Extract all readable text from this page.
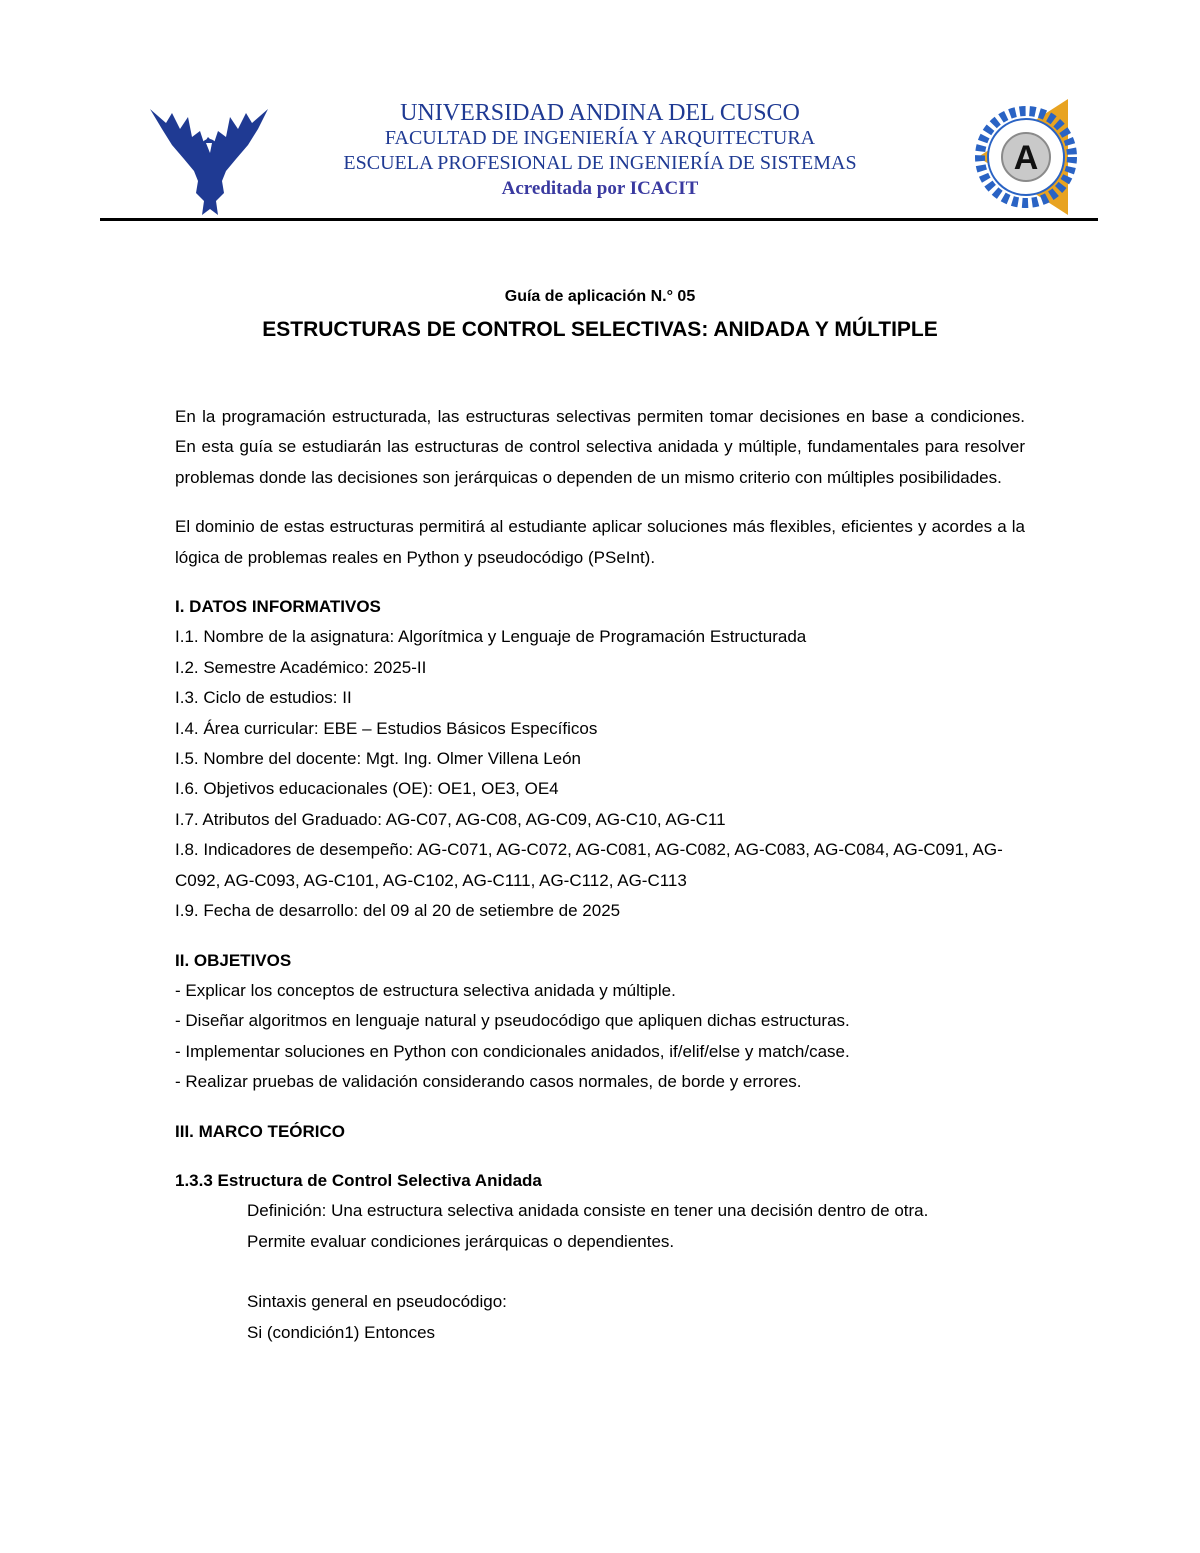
UNIVERSIDAD ANDINA DEL CUSCO
FACULTAD DE INGENIERÍA Y ARQUITECTURA
ESCUELA PROFESIONAL DE INGENIERÍA DE SISTEMAS
Acreditada por ICACIT
A
Guía de aplicación N.° 05
ESTRUCTURAS DE CONTROL SELECTIVAS: ANIDADA Y MÚLTIPLE

En la programación estructurada, las estructuras selectivas permiten tomar decisiones en base a condiciones. En esta guía se estudiarán las estructuras de control selectiva anidada y múltiple, fundamentales para resolver problemas donde las decisiones son jerárquicas o dependen de un mismo criterio con múltiples posibilidades.

El dominio de estas estructuras permitirá al estudiante aplicar soluciones más flexibles, eficientes y acordes a la lógica de problemas reales en Python y pseudocódigo (PSeInt).

I. DATOS INFORMATIVOS

I.1. Nombre de la asignatura: Algorítmica y Lenguaje de Programación Estructurada

I.2. Semestre Académico: 2025-II

I.3. Ciclo de estudios: II

I.4. Área curricular: EBE – Estudios Básicos Específicos

I.5. Nombre del docente: Mgt. Ing. Olmer Villena León

I.6. Objetivos educacionales (OE): OE1, OE3, OE4

I.7. Atributos del Graduado: AG-C07, AG-C08, AG-C09, AG-C10, AG-C11

I.8. Indicadores de desempeño: AG-C071, AG-C072, AG-C081, AG-C082, AG-C083, AG-C084, AG-C091, AG-C092, AG-C093, AG-C101, AG-C102, AG-C111, AG-C112, AG-C113

I.9. Fecha de desarrollo: del 09 al 20 de setiembre de 2025

II. OBJETIVOS

- Explicar los conceptos de estructura selectiva anidada y múltiple.

- Diseñar algoritmos en lenguaje natural y pseudocódigo que apliquen dichas estructuras.

- Implementar soluciones en Python con condicionales anidados, if/elif/else y match/case.

- Realizar pruebas de validación considerando casos normales, de borde y errores.

III. MARCO TEÓRICO

1.3.3 Estructura de Control Selectiva Anidada

Definición: Una estructura selectiva anidada consiste en tener una decisión dentro de otra.

Permite evaluar condiciones jerárquicas o dependientes.

Sintaxis general en pseudocódigo:

Si (condición1) Entonces
